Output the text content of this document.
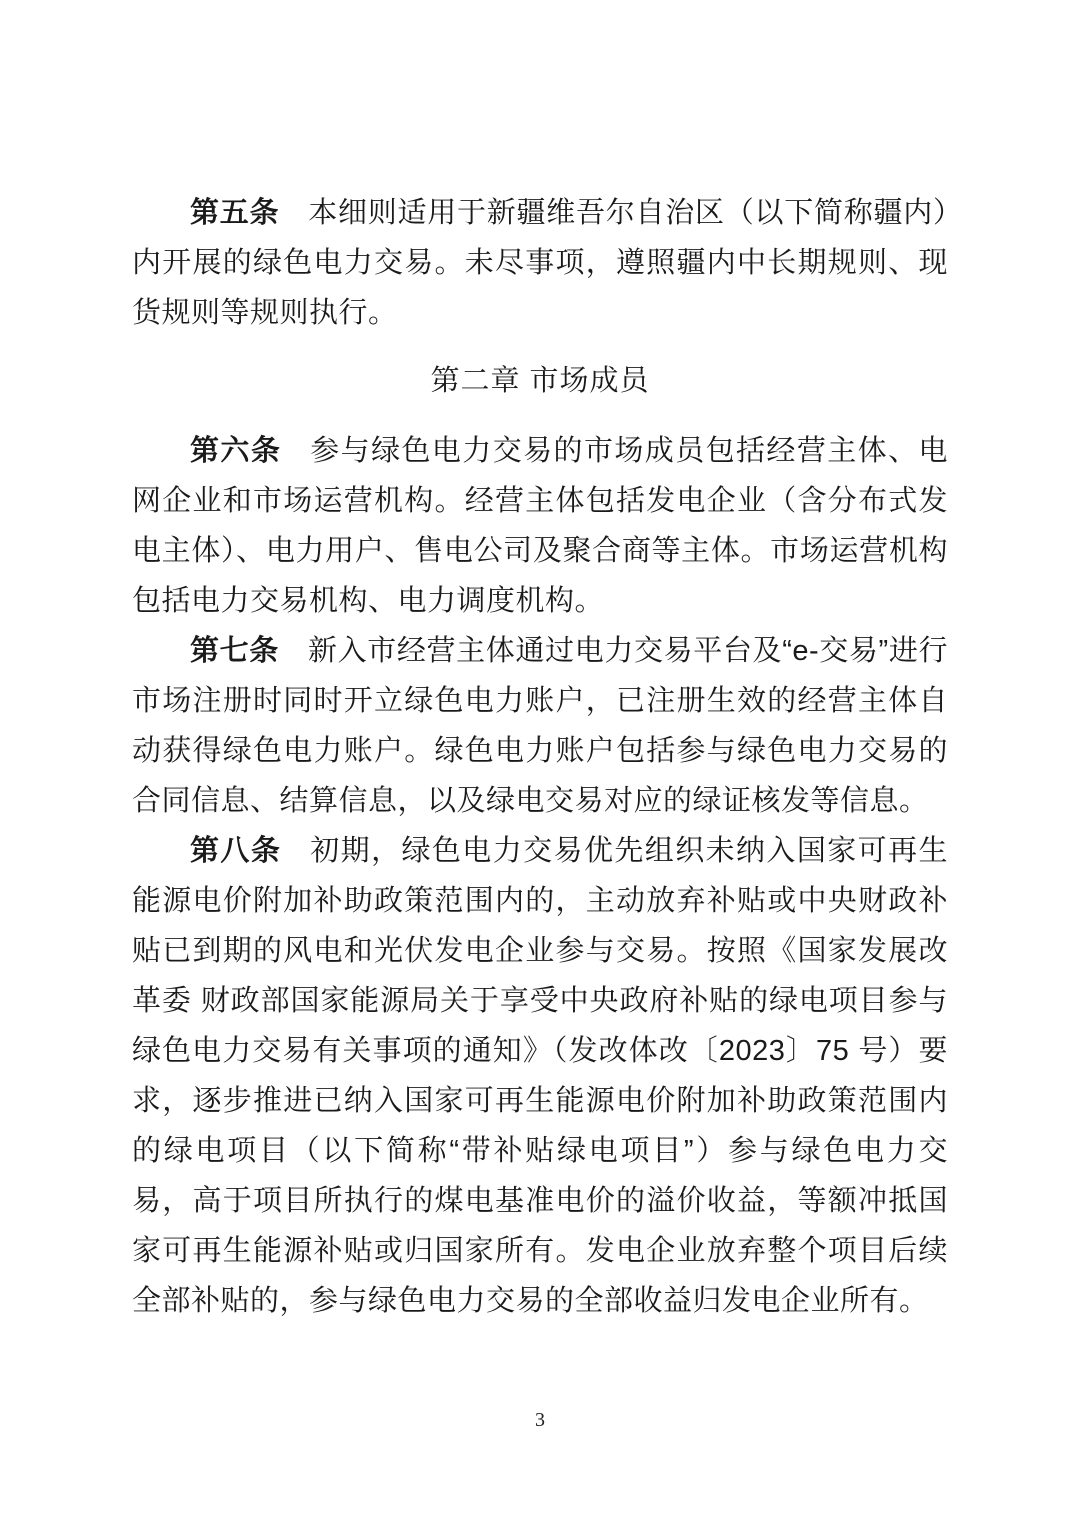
第五条 本细则适用于新疆维吾尔自治区（以下简称疆内）内开展的绿色电力交易。未尽事项，遵照疆内中长期规则、现货规则等规则执行。

第二章 市场成员

第六条 参与绿色电力交易的市场成员包括经营主体、电网企业和市场运营机构。经营主体包括发电企业（含分布式发电主体）、电力用户、售电公司及聚合商等主体。市场运营机构包括电力交易机构、电力调度机构。

第七条 新入市经营主体通过电力交易平台及“e-交易”进行市场注册时同时开立绿色电力账户，已注册生效的经营主体自动获得绿色电力账户。绿色电力账户包括参与绿色电力交易的合同信息、结算信息，以及绿电交易对应的绿证核发等信息。

第八条 初期，绿色电力交易优先组织未纳入国家可再生能源电价附加补助政策范围内的，主动放弃补贴或中央财政补贴已到期的风电和光伏发电企业参与交易。按照《国家发展改革委 财政部国家能源局关于享受中央政府补贴的绿电项目参与绿色电力交易有关事项的通知》（发改体改〔2023〕75 号）要求，逐步推进已纳入国家可再生能源电价附加补助政策范围内的绿电项目（以下简称“带补贴绿电项目”）参与绿色电力交易，高于项目所执行的煤电基准电价的溢价收益，等额冲抵国家可再生能源补贴或归国家所有。发电企业放弃整个项目后续全部补贴的，参与绿色电力交易的全部收益归发电企业所有。

3
